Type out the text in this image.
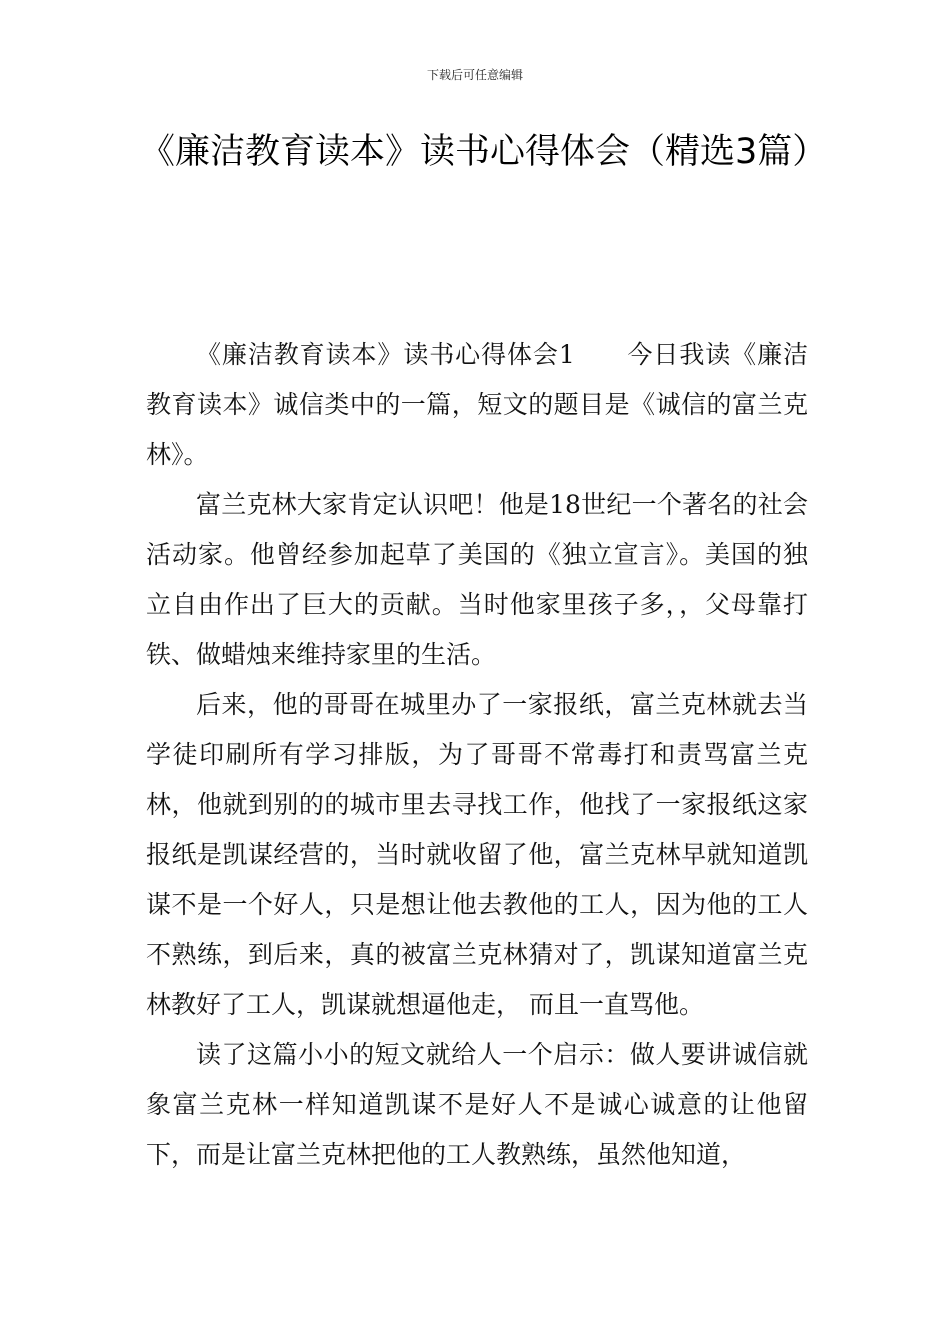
下载后可任意编辑
《廉洁教育读本》读书心得体会（精选3篇）

《廉洁教育读本》读书心得体会1　　今日我读《廉洁教育读本》诚信类中的一篇，短文的题目是《诚信的富兰克林》。

富兰克林大家肯定认识吧！他是18世纪一个著名的社会活动家。他曾经参加起草了美国的《独立宣言》。美国的独立自由作出了巨大的贡献。当时他家里孩子多，，父母靠打铁、做蜡烛来维持家里的生活。

后来，他的哥哥在城里办了一家报纸，富兰克林就去当学徒印刷所有学习排版，为了哥哥不常毒打和责骂富兰克林，他就到别的的城市里去寻找工作，他找了一家报纸这家报纸是凯谋经营的，当时就收留了他，富兰克林早就知道凯谋不是一个好人，只是想让他去教他的工人，因为他的工人不熟练，到后来，真的被富兰克林猜对了，凯谋知道富兰克林教好了工人，凯谋就想逼他走， 而且一直骂他。

读了这篇小小的短文就给人一个启示：做人要讲诚信就象富兰克林一样知道凯谋不是好人不是诚心诚意的让他留下，而是让富兰克林把他的工人教熟练，虽然他知道，
